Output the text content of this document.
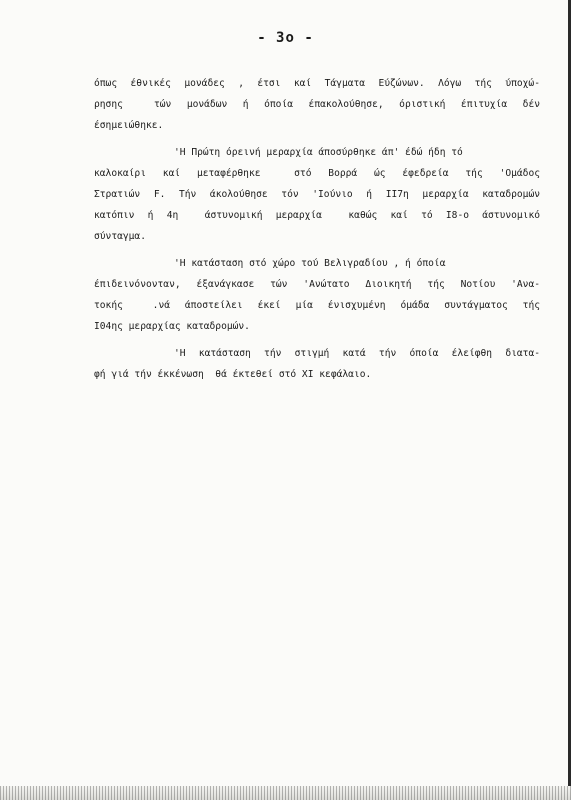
- 3ο -
όπως έθνικές μονάδες , έτσι καί Τάγματα Εύζώνων. Λόγω τής ύποχώ-
ρησης  τών μονάδων ή όποία έπακολούθησε, όριστική έπιτυχία δέν
έσημειώθηκε.
'Η Πρώτη όρεινή μεραρχία άποσύρθηκε άπ' έδώ ήδη τό
καλοκαίρι καί μεταφέρθηκε  στό Βορρά ώς έφεδρεία τής 'Ομάδος
Στρατιών F. Τήν άκολούθησε τόν 'Ιούνιο ή ΙΙ7η μεραρχία καταδρομών
κατόπιν ή 4η  άστυνομική μεραρχία  καθώς καί τό Ι8-ο άστυνομικό
σύνταγμα.
'Η κατάσταση στό χώρο τού Βελιγραδίου , ή όποία
έπιδεινόνονταν, έξανάγκασε τών 'Ανώτατο Διοικητή τής Νοτίου 'Ανα-
τοκής  .νά άποστείλει έκεί μία ένισχυμένη όμάδα συντάγματος τής
Ι04ης μεραρχίας καταδρομών.
'Η κατάσταση τήν στιγμή κατά τήν όποία έλείφθη διατα-
φή γιά τήν έκκένωση  θά έκτεθεί στό ΧΙ κεφάλαιο.
